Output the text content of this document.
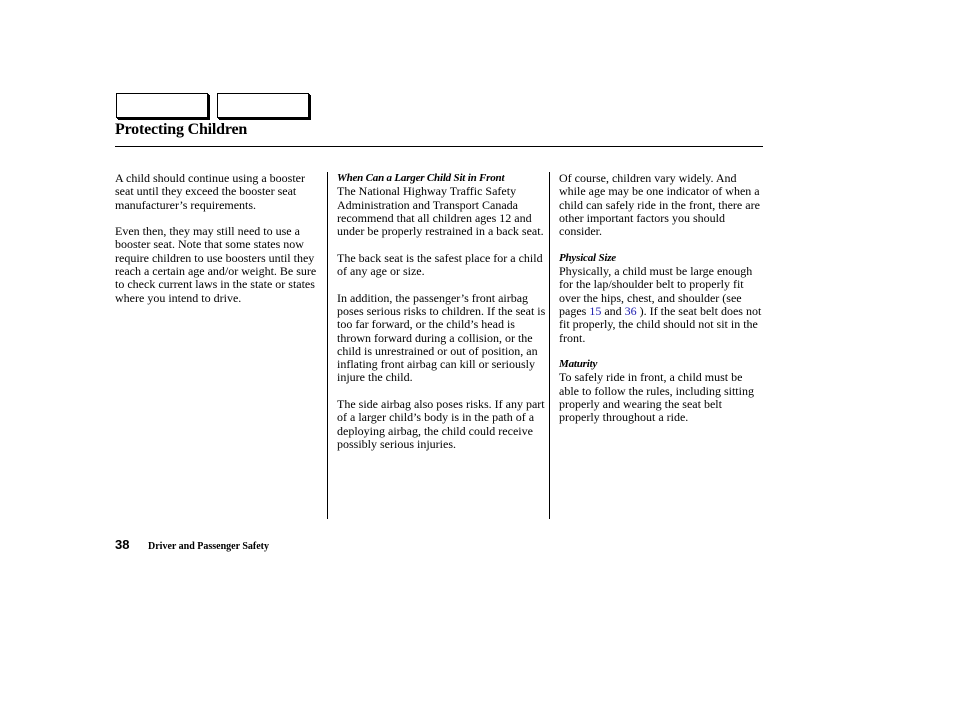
Protecting Children

A child should continue using a booster seat until they exceed the booster seat manufacturer’s requirements.

Even then, they may still need to use a booster seat. Note that some states now require children to use boosters until they reach a certain age and/or weight. Be sure to check current laws in the state or states where you intend to drive.

When Can a Larger Child Sit in Front
The National Highway Traffic Safety Administration and Transport Canada recommend that all children ages 12 and under be properly restrained in a back seat.

The back seat is the safest place for a child of any age or size.

In addition, the passenger’s front airbag poses serious risks to children. If the seat is too far forward, or the child’s head is thrown forward during a collision, or the child is unrestrained or out of position, an inflating front airbag can kill or seriously injure the child.

The side airbag also poses risks. If any part of a larger child’s body is in the path of a deploying airbag, the child could receive possibly serious injuries.

Of course, children vary widely. And while age may be one indicator of when a child can safely ride in the front, there are other important factors you should consider.

Physical Size
Physically, a child must be large enough for the lap/shoulder belt to properly fit over the hips, chest, and shoulder (see pages 15 and 36 ). If the seat belt does not fit properly, the child should not sit in the front.

Maturity
To safely ride in front, a child must be able to follow the rules, including sitting properly and wearing the seat belt properly throughout a ride.

38 Driver and Passenger Safety
